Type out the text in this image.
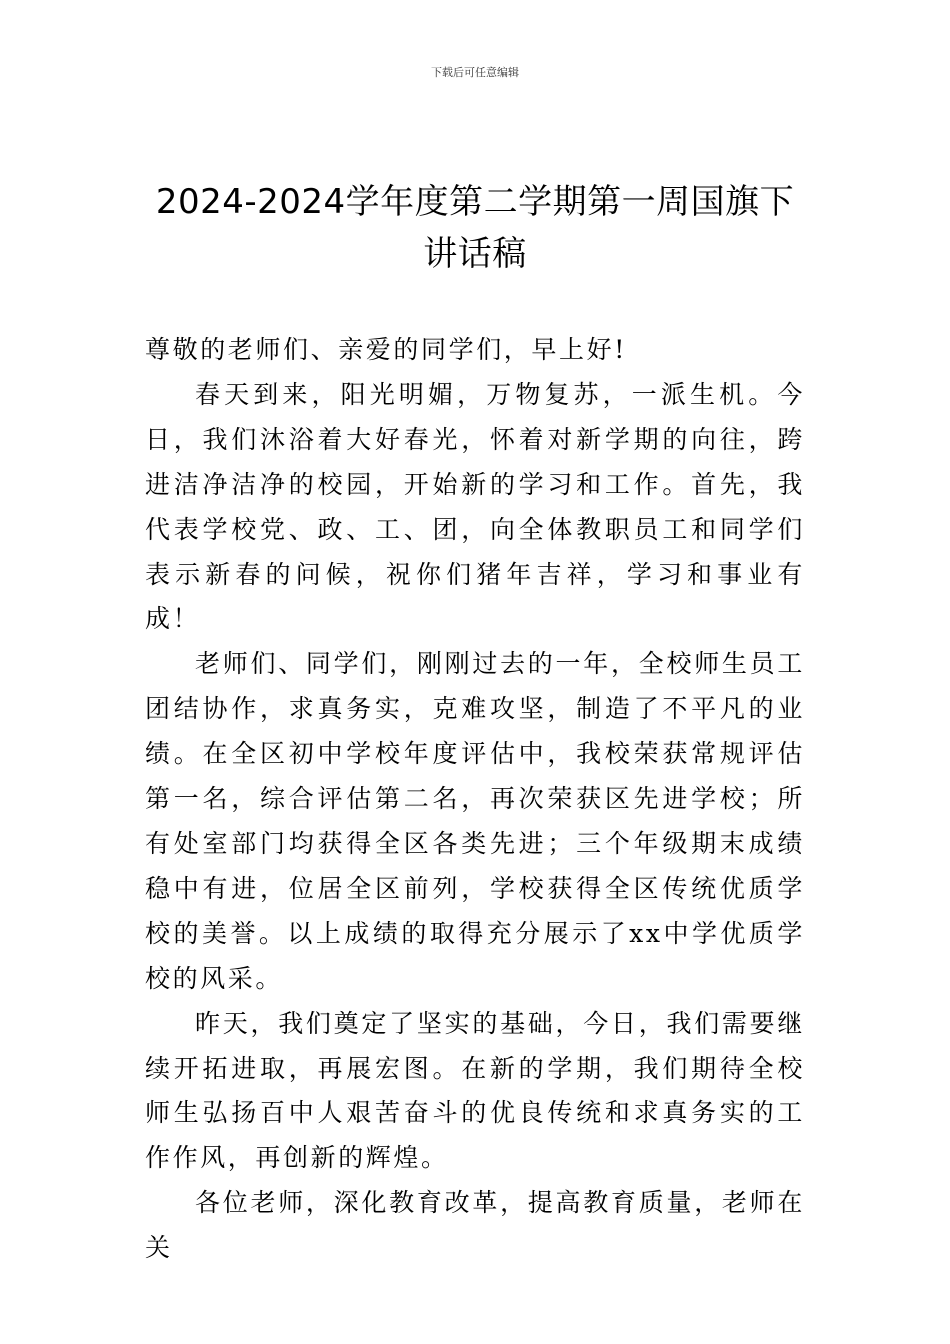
下载后可任意编辑
2024-2024学年度第二学期第一周国旗下讲话稿

尊敬的老师们、亲爱的同学们，早上好!

春天到来，阳光明媚，万物复苏，一派生机。今日，我们沐浴着大好春光，怀着对新学期的向往，跨进洁净洁净的校园，开始新的学习和工作。首先，我代表学校党、政、工、团，向全体教职员工和同学们表示新春的问候，祝你们猪年吉祥，学习和事业有成！

老师们、同学们，刚刚过去的一年，全校师生员工团结协作，求真务实，克难攻坚，制造了不平凡的业绩。在全区初中学校年度评估中，我校荣获常规评估第一名，综合评估第二名，再次荣获区先进学校；所有处室部门均获得全区各类先进；三个年级期末成绩稳中有进，位居全区前列，学校获得全区传统优质学校的美誉。以上成绩的取得充分展示了xx中学优质学校的风采。

昨天，我们奠定了坚实的基础，今日，我们需要继续开拓进取，再展宏图。在新的学期，我们期待全校师生弘扬百中人艰苦奋斗的优良传统和求真务实的工作作风，再创新的辉煌。

各位老师，深化教育改革，提高教育质量，老师在关
